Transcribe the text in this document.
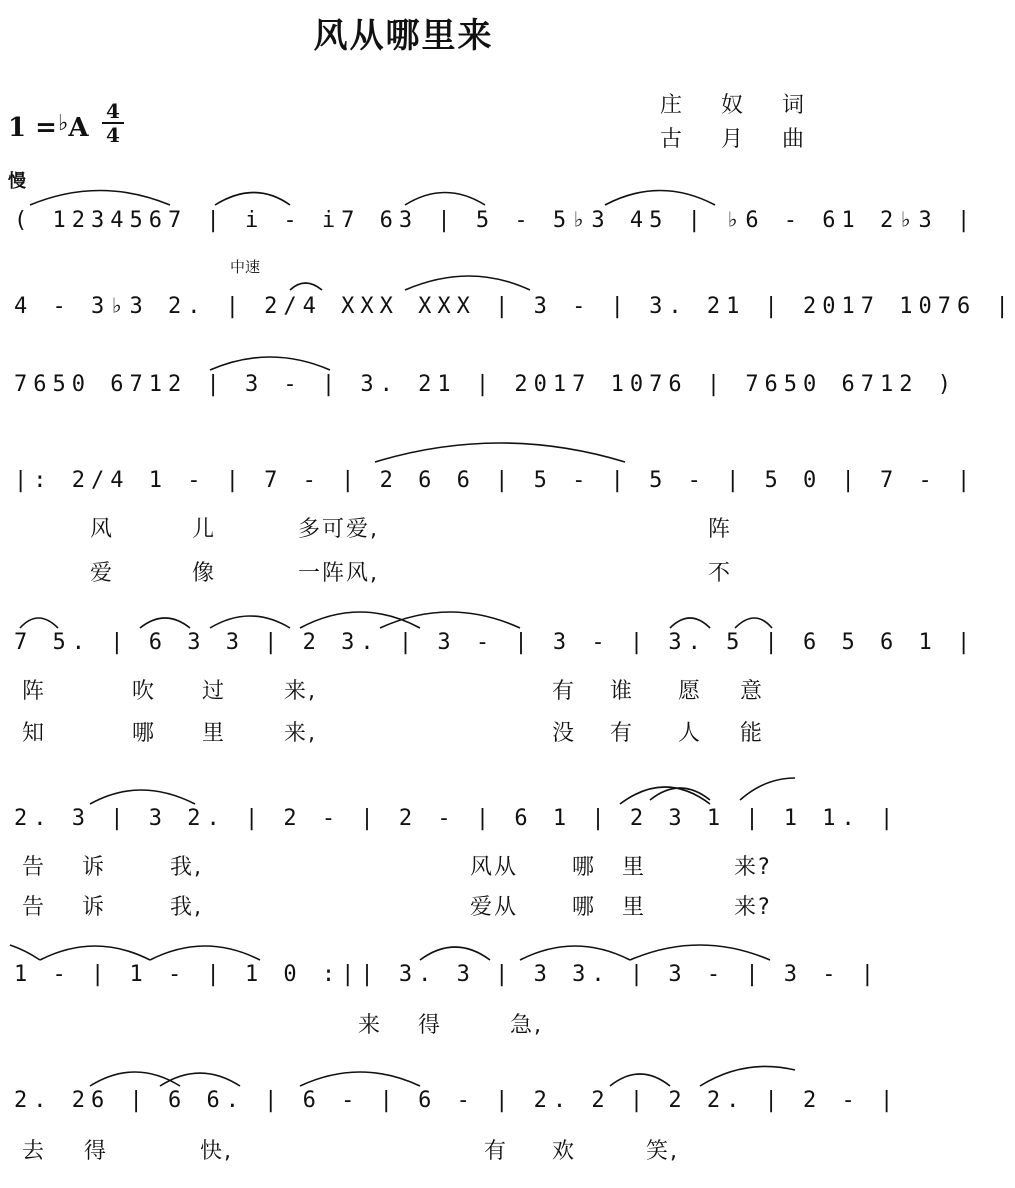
风从哪里来
1 =♭A
4
4
庄 奴 词
古 月 曲
慢
中速
( 1234567 | i - i7 63 | 5 - 5♭3 45 | ♭6 - 61 2♭3 |
4 - 3♭3 2. | 2/4 XXX XXX | 3 - | 3. 21 | 2017 1076 |
7650 6712 | 3 - | 3. 21 | 2017 1076 | 7650 6712 )
|: 2/4 1 - | 7 - | 2 6 6 | 5 - | 5 - | 5 0 | 7 - |
风	儿	多可爱,	阵
爱	像	一阵风,	不
7 5. | 6 3 3 | 2 3. | 3 - | 3 - | 3. 5 | 6 5 6 1 |
阵	吹 过	来,	有 谁 愿 意
知	哪 里	来,	没 有 人 能
2. 3 | 3 2. | 2 - | 2 - | 6 1 | 2 3 1 | 1 1. |
告 诉	我,	风从 哪 里	来?
告 诉	我,	爱从 哪 里	来?
1 - | 1 - | 1 0 :|| 3. 3 | 3 3. | 3 - | 3 - |
来 得	急,
2. 26 | 6 6. | 6 - | 6 - | 2. 2 | 2 2. | 2 - |
去 得	快,	有 欢	笑,
